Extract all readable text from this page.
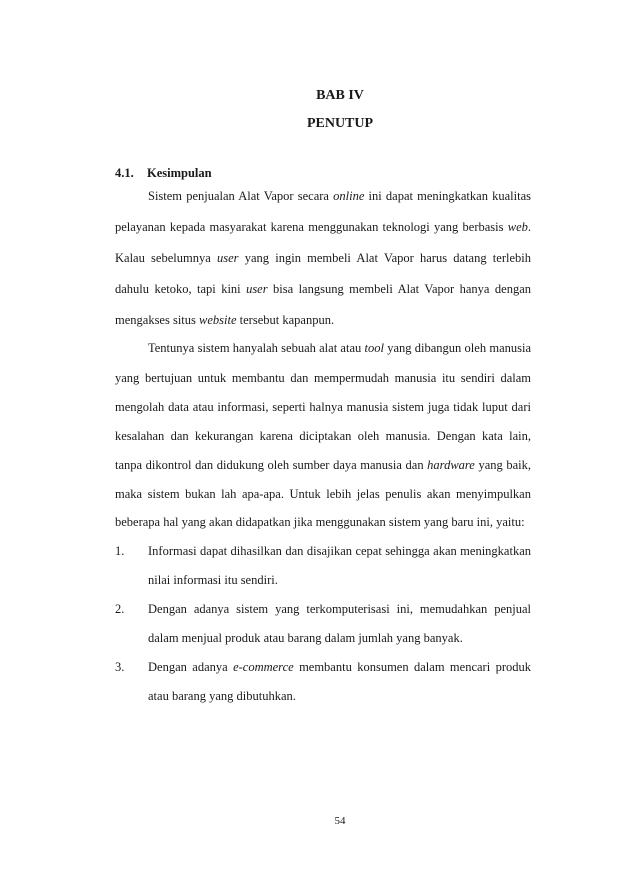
BAB IV

PENUTUP

4.1. Kesimpulan

Sistem penjualan Alat Vapor secara online ini dapat meningkatkan kualitas

pelayanan kepada masyarakat karena menggunakan teknologi yang berbasis web.

Kalau sebelumnya user yang ingin membeli Alat Vapor harus datang terlebih

dahulu ketoko, tapi kini user bisa langsung membeli Alat Vapor hanya dengan

mengakses situs website tersebut kapanpun.

Tentunya sistem hanyalah sebuah alat atau tool yang dibangun oleh manusia

yang bertujuan untuk membantu dan mempermudah manusia itu sendiri dalam

mengolah data atau informasi, seperti halnya manusia sistem juga tidak luput dari

kesalahan dan kekurangan karena diciptakan oleh manusia. Dengan kata lain,

tanpa dikontrol dan didukung oleh sumber daya manusia dan hardware yang baik,

maka sistem bukan lah apa-apa. Untuk lebih jelas penulis akan menyimpulkan

beberapa hal yang akan didapatkan jika menggunakan sistem yang baru ini, yaitu:

1. Informasi dapat dihasilkan dan disajikan cepat sehingga akan meningkatkan

nilai informasi itu sendiri.

2. Dengan adanya sistem yang terkomputerisasi ini, memudahkan penjual

dalam menjual produk atau barang dalam jumlah yang banyak.

3. Dengan adanya e-commerce membantu konsumen dalam mencari produk

atau barang yang dibutuhkan.

54
